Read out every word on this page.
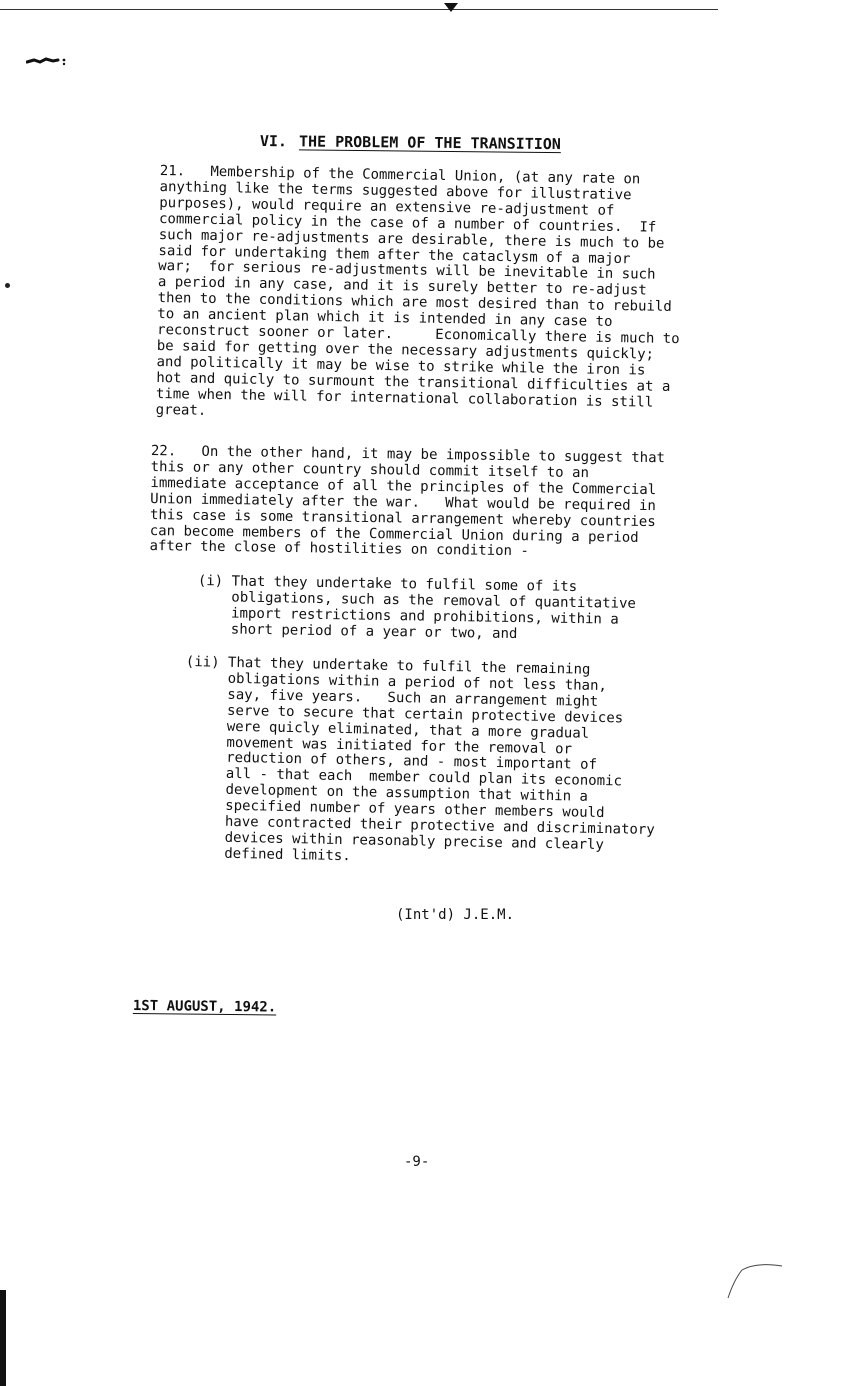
VI. THE PROBLEM OF THE TRANSITION
21.   Membership of the Commercial Union, (at any rate on
anything like the terms suggested above for illustrative
purposes), would require an extensive re-adjustment of
commercial policy in the case of a number of countries.  If
such major re-adjustments are desirable, there is much to be
said for undertaking them after the cataclysm of a major
war;  for serious re-adjustments will be inevitable in such
a period in any case, and it is surely better to re-adjust
then to the conditions which are most desired than to rebuild
to an ancient plan which it is intended in any case to
reconstruct sooner or later.     Economically there is much to
be said for getting over the necessary adjustments quickly;
and politically it may be wise to strike while the iron is
hot and quicly to surmount the transitional difficulties at a
time when the will for international collaboration is still
great.
22.   On the other hand, it may be impossible to suggest that
this or any other country should commit itself to an
immediate acceptance of all the principles of the Commercial
Union immediately after the war.   What would be required in
this case is some transitional arrangement whereby countries
can become members of the Commercial Union during a period
after the close of hostilities on condition -
(i) That they undertake to fulfil some of its
obligations, such as the removal of quantitative
import restrictions and prohibitions, within a
short period of a year or two, and
(ii) That they undertake to fulfil the remaining
obligations within a period of not less than,
say, five years.   Such an arrangement might
serve to secure that certain protective devices
were quicly eliminated, that a more gradual
movement was initiated for the removal or
reduction of others, and - most important of
all - that each  member could plan its economic
development on the assumption that within a
specified number of years other members would
have contracted their protective and discriminatory
devices within reasonably precise and clearly
defined limits.
(Int'd) J.E.M.
1ST AUGUST, 1942.
-9-
